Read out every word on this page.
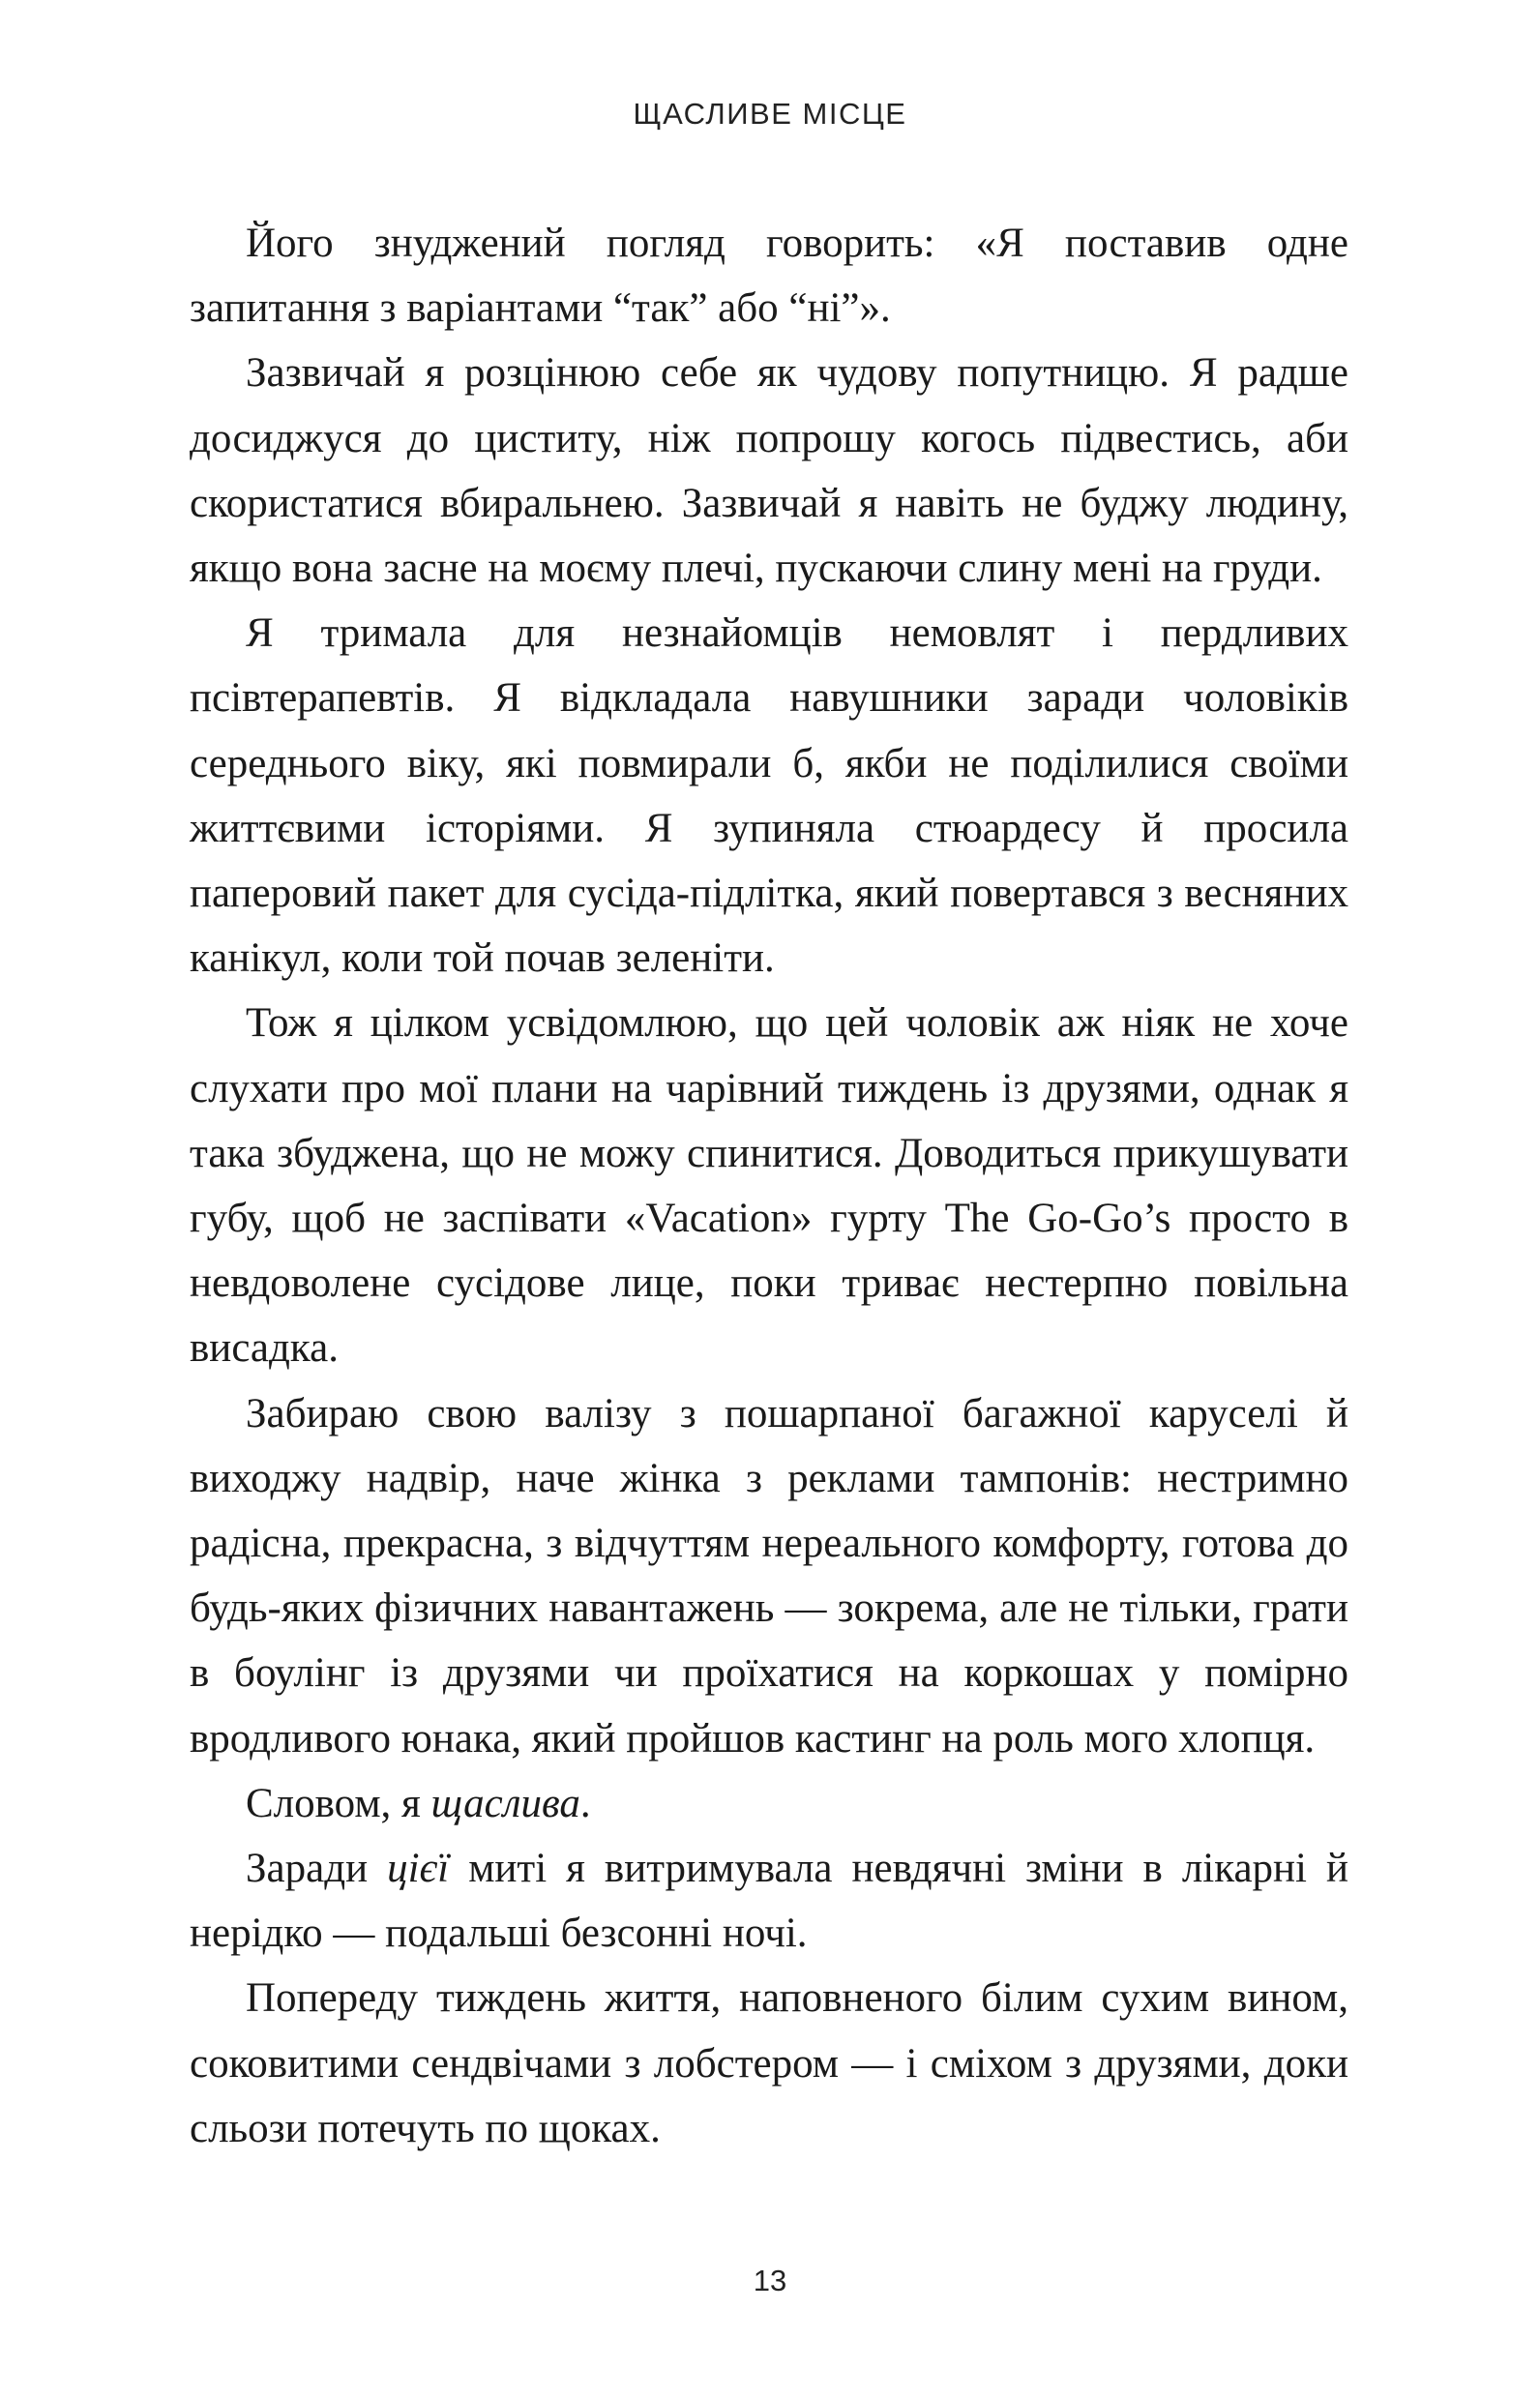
ЩАСЛИВЕ МІСЦЕ

Його знуджений погляд говорить: «Я поставив одне запитання з варіантами “так” або “ні”».

Зазвичай я розцінюю себе як чудову попутницю. Я радше досиджуся до циститу, ніж попрошу когось підвестись, аби скористатися вбиральнею. Зазвичай я навіть не буджу людину, якщо вона засне на моєму плечі, пускаючи слину мені на груди.

Я тримала для незнайомців немовлят і пердливих псівтерапевтів. Я відкладала навушники заради чоловіків середнього віку, які повмирали б, якби не поділилися своїми життєвими історіями. Я зупиняла стюардесу й просила паперовий пакет для сусіда-підлітка, який повертався з весняних канікул, коли той почав зеленіти.

Тож я цілком усвідомлюю, що цей чоловік аж ніяк не хоче слухати про мої плани на чарівний тиждень із друзями, однак я така збуджена, що не можу спинитися. Доводиться прикушувати губу, щоб не заспівати «Vacation» гурту The Go-Go’s просто в невдоволене сусідове лице, поки триває нестерпно повільна висадка.

Забираю свою валізу з пошарпаної багажної каруселі й виходжу надвір, наче жінка з реклами тампонів: нестримно радісна, прекрасна, з відчуттям нереального комфорту, готова до будь-яких фізичних навантажень — зокрема, але не тільки, грати в боулінг із друзями чи проїхатися на коркошах у помірно вродливого юнака, який пройшов кастинг на роль мого хлопця.

Словом, я щаслива.

Заради цієї миті я витримувала невдячні зміни в лікарні й нерідко — подальші безсонні ночі.

Попереду тиждень життя, наповненого білим сухим вином, соковитими сендвічами з лобстером — і сміхом з друзями, доки сльози потечуть по щоках.

13
